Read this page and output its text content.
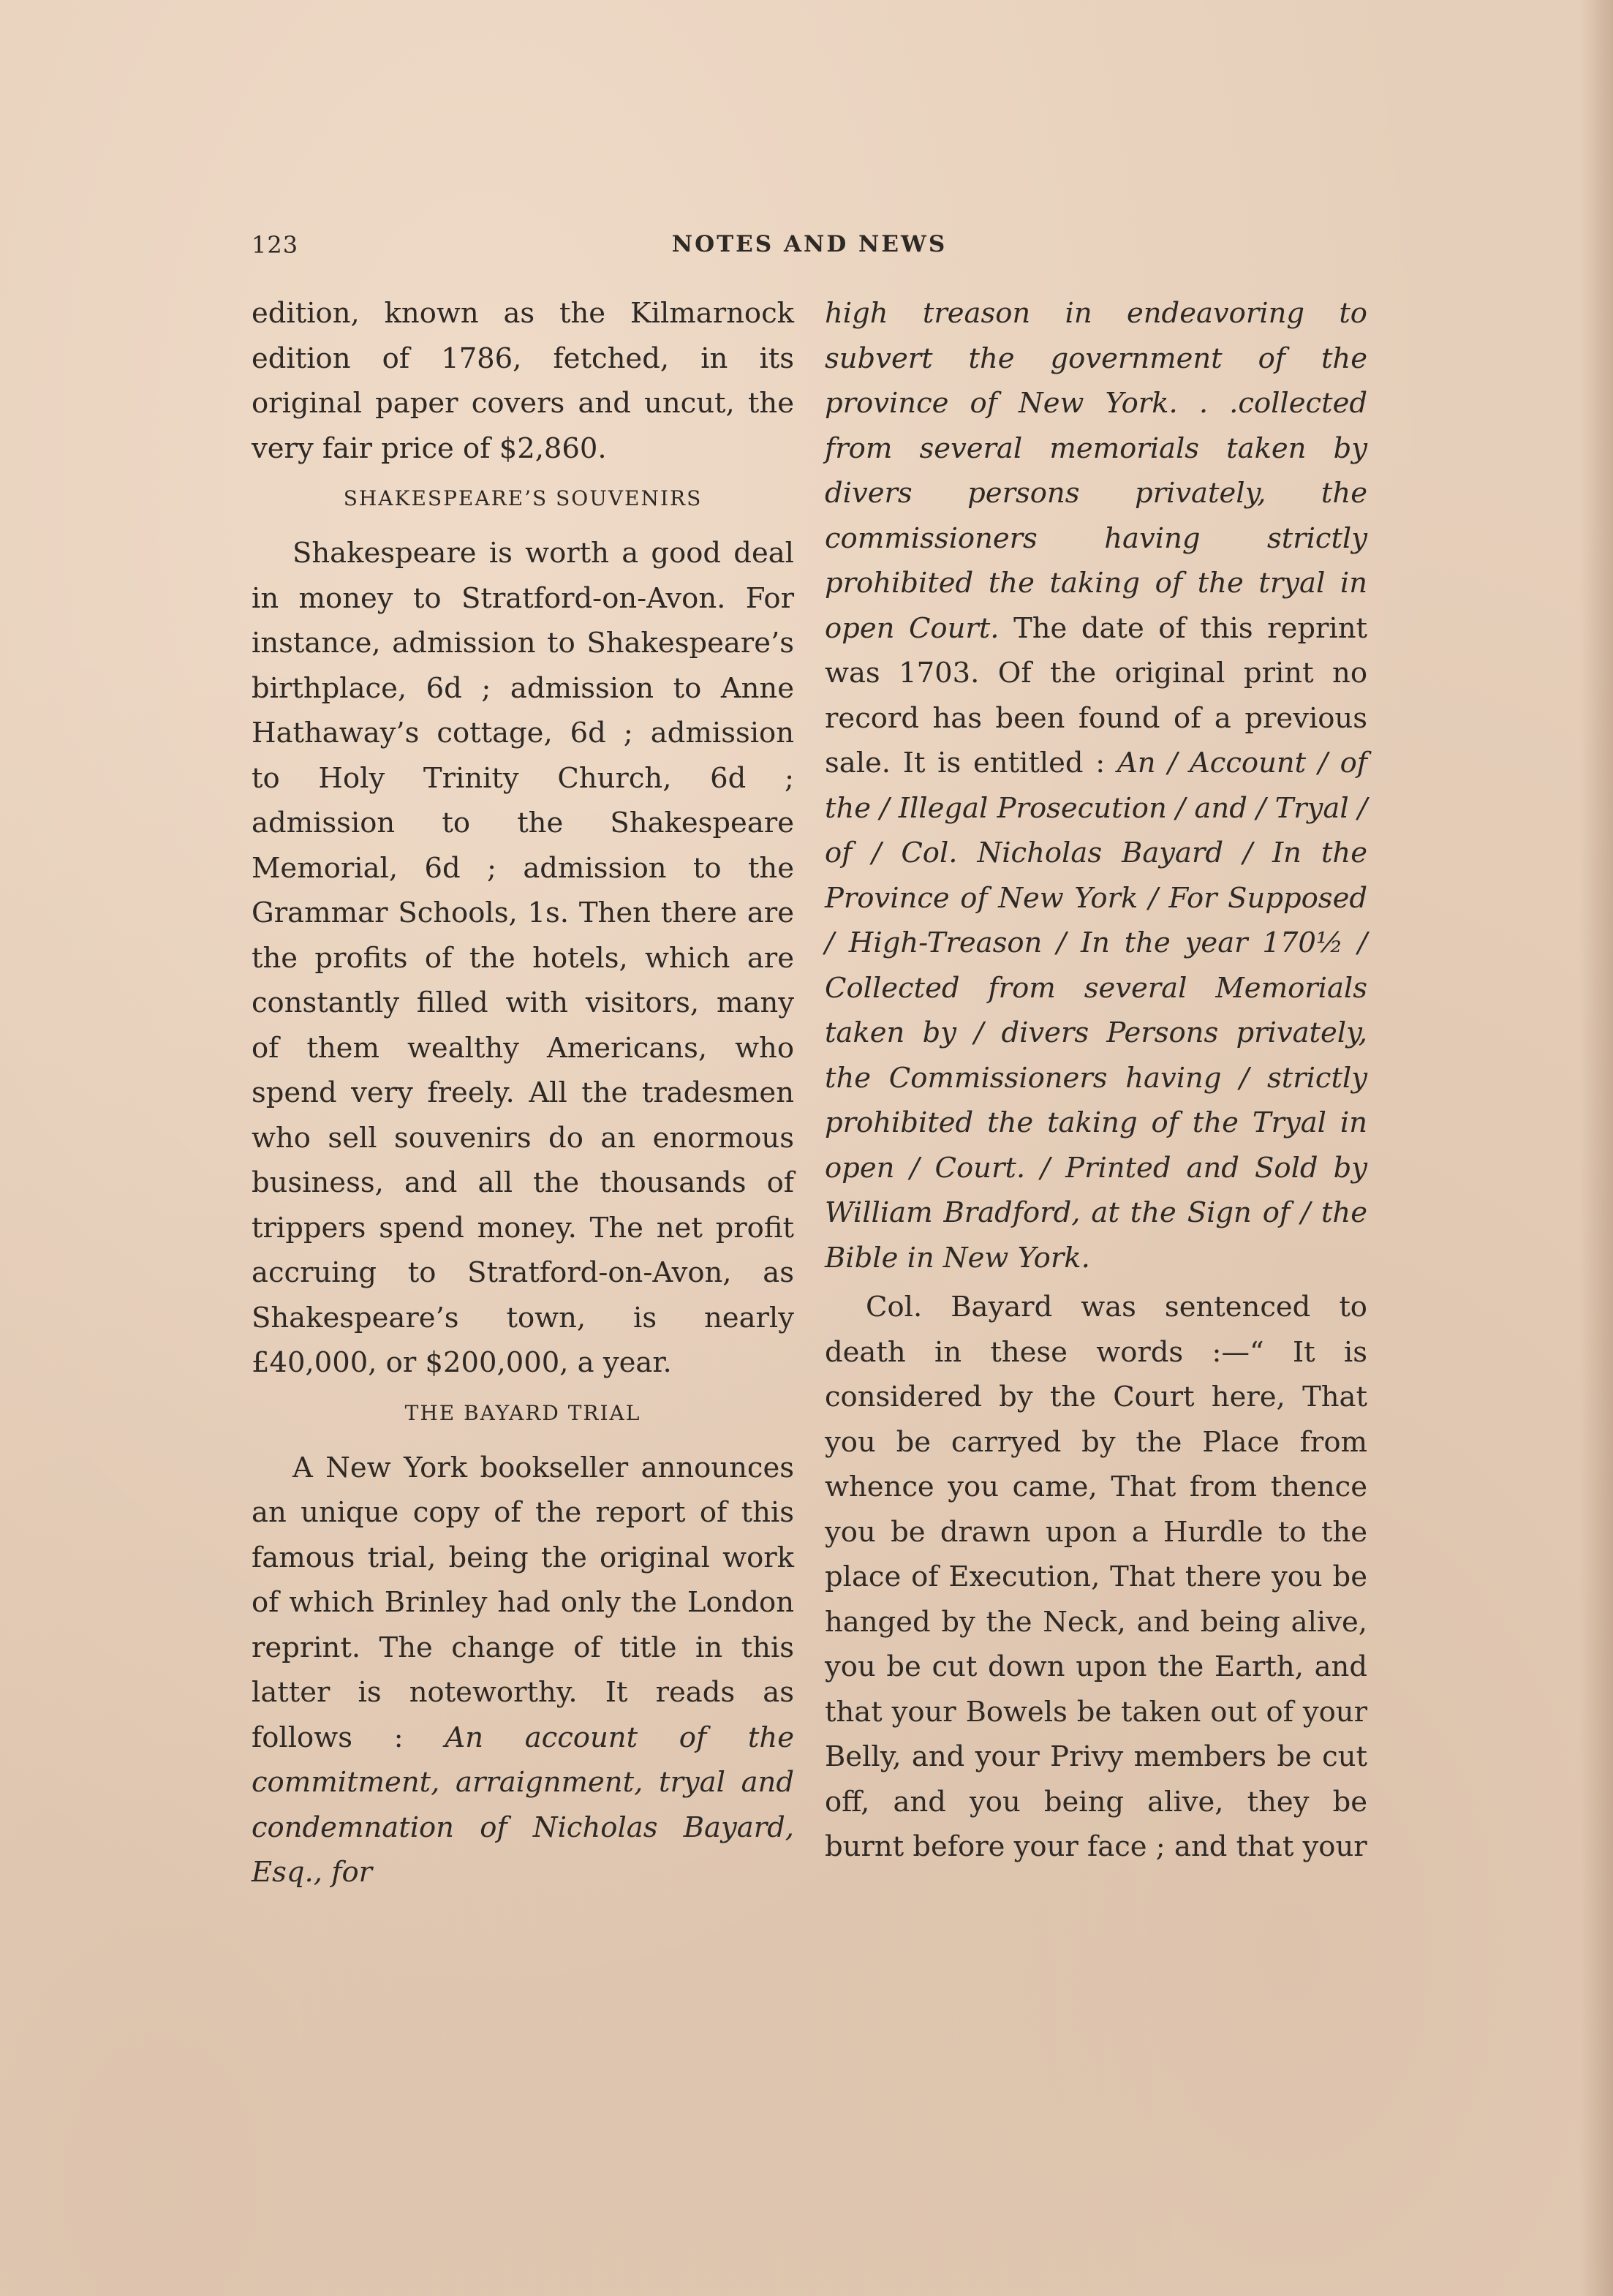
123	NOTES AND NEWS

edition, known as the Kilmarnock edition of 1786, fetched, in its original paper covers and uncut, the very fair price of $2,860.

SHAKESPEARE’S SOUVENIRS

Shakespeare is worth a good deal in money to Stratford-on-Avon. For instance, admission to Shakespeare’s birthplace, 6d ; admission to Anne Hathaway’s cottage, 6d ; admission to Holy Trinity Church, 6d ; admission to the Shakespeare Memorial, 6d ; admission to the Grammar Schools, 1s. Then there are the profits of the hotels, which are constantly filled with visitors, many of them wealthy Americans, who spend very freely. All the tradesmen who sell souvenirs do an enormous business, and all the thousands of trippers spend money. The net profit accruing to Stratford-on-Avon, as Shakespeare’s town, is nearly £40,000, or $200,000, a year.

THE BAYARD TRIAL

A New York bookseller announces an unique copy of the report of this famous trial, being the original work of which Brinley had only the London reprint. The change of title in this latter is noteworthy. It reads as follows : An account of the commitment, arraignment, tryal and condemnation of Nicholas Bayard, Esq., for

high treason in endeavoring to subvert the government of the province of New York. . .collected from several memorials taken by divers persons privately, the commissioners having strictly prohibited the taking of the tryal in open Court. The date of this reprint was 1703. Of the original print no record has been found of a previous sale. It is entitled : An / Account / of the / Illegal Prosecution / and / Tryal / of / Col. Nicholas Bayard / In the Province of New York / For Supposed / High-Treason / In the year 170½ / Collected from several Memorials taken by / divers Persons privately, the Commissioners having / strictly prohibited the taking of the Tryal in open / Court. / Printed and Sold by William Bradford, at the Sign of / the Bible in New York.

Col. Bayard was sentenced to death in these words :—“ It is considered by the Court here, That you be carryed by the Place from whence you came, That from thence you be drawn upon a Hurdle to the place of Execution, That there you be hanged by the Neck, and being alive, you be cut down upon the Earth, and that your Bowels be taken out of your Belly, and your Privy members be cut off, and you being alive, they be burnt before your face ; and that your
